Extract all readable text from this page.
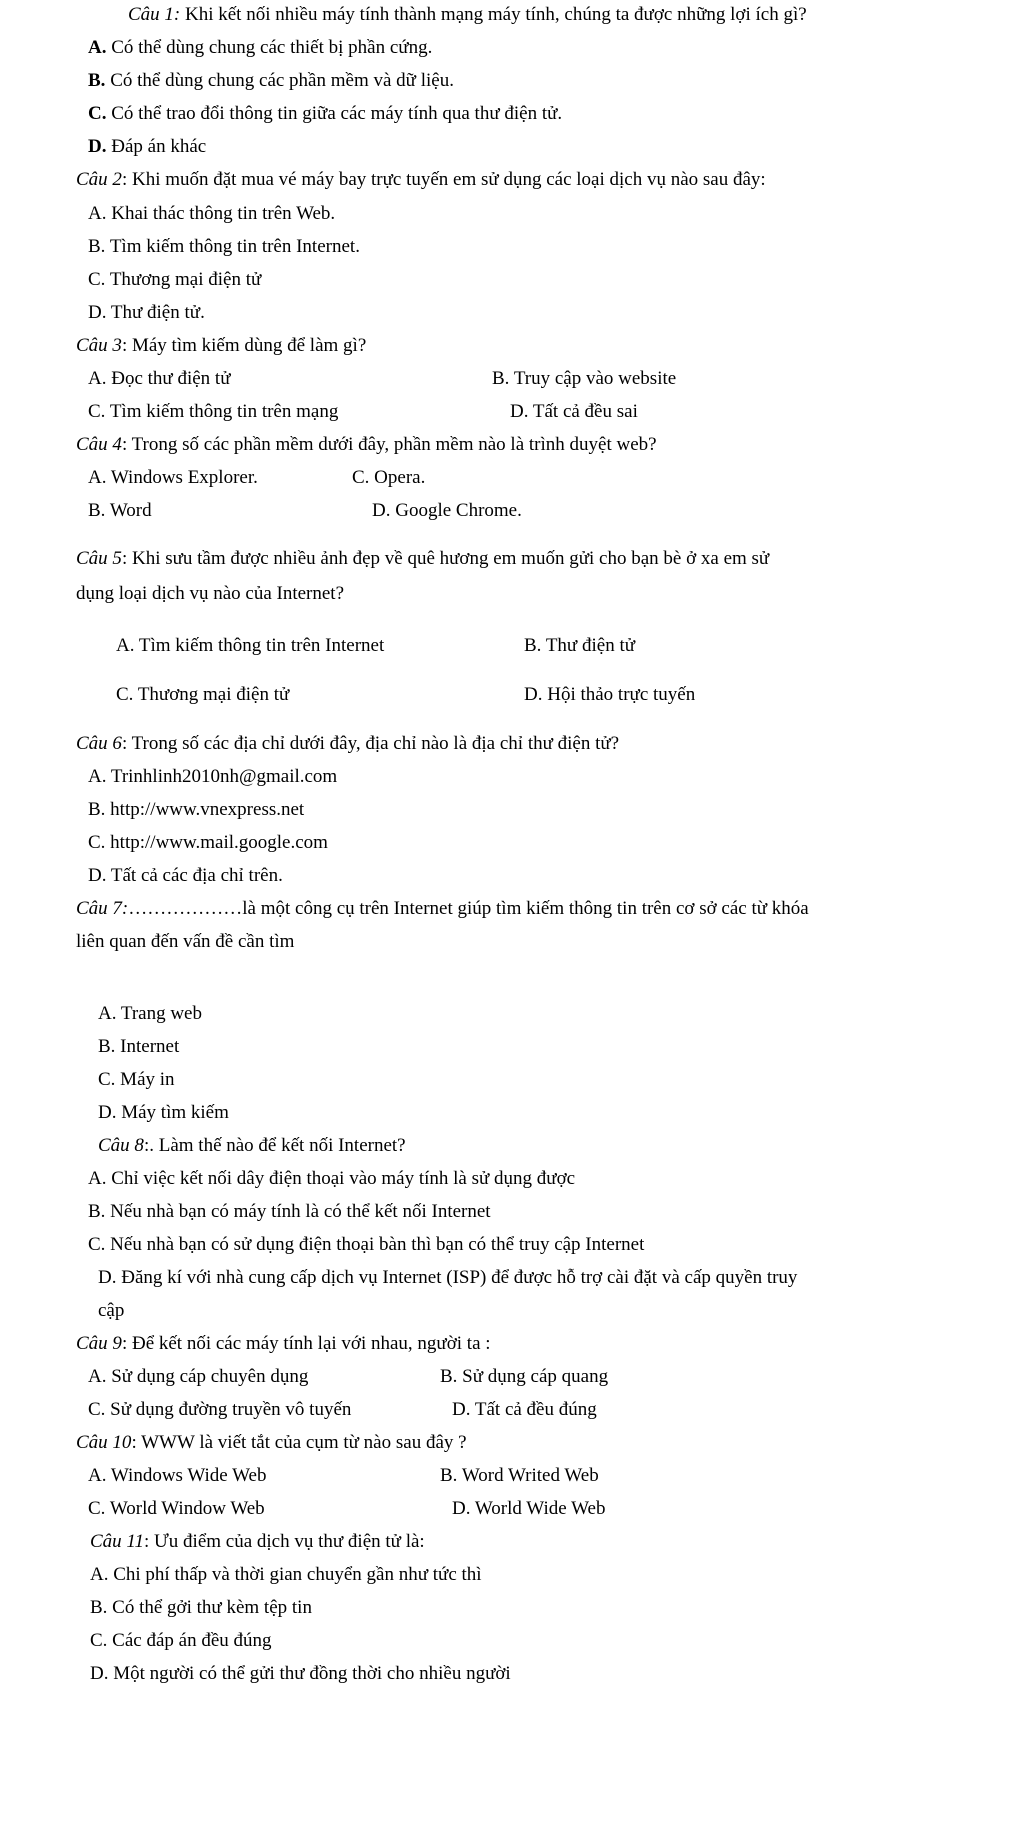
Câu 1: Khi kết nối nhiều máy tính thành mạng máy tính, chúng ta được những lợi ích gì?
A. Có thể dùng chung các thiết bị phần cứng.
B. Có thể dùng chung các phần mềm và dữ liệu.
C. Có thể trao đổi thông tin giữa các máy tính qua thư điện tử.
D. Đáp án khác
Câu 2: Khi muốn đặt mua vé máy bay trực tuyến em sử dụng các loại dịch vụ nào sau đây:
A. Khai thác thông tin trên Web.
B. Tìm kiếm thông tin trên Internet.
C. Thương mại điện tử
D. Thư điện tử.
Câu 3: Máy tìm kiếm dùng để làm gì?
A. Đọc thư điện tử	B. Truy cập vào website
C. Tìm kiếm thông tin trên mạng	D. Tất cả đều sai
Câu 4: Trong số các phần mềm dưới đây, phần mềm nào là trình duyệt web?
A. Windows Explorer.	C. Opera.
B. Word	D. Google Chrome.
Câu 5: Khi sưu tầm được nhiều ảnh đẹp về quê hương em muốn gửi cho bạn bè ở xa em sử
dụng loại dịch vụ nào của Internet?
A. Tìm kiếm thông tin trên Internet	B. Thư điện tử
C. Thương mại điện tử	D. Hội thảo trực tuyến
Câu 6: Trong số các địa chỉ dưới đây, địa chỉ nào là địa chỉ thư điện tử?
A. Trinhlinh2010nh@gmail.com
B. http://www.vnexpress.net
C. http://www.mail.google.com
D. Tất cả các địa chỉ trên.
Câu 7:………………là một công cụ trên Internet giúp tìm kiếm thông tin trên cơ sở các từ khóa
liên quan đến vấn đề cần tìm
A. Trang web
B. Internet
C. Máy in
D. Máy tìm kiếm
Câu 8:. Làm thế nào để kết nối Internet?
A. Chỉ việc kết nối dây điện thoại vào máy tính là sử dụng được
B. Nếu nhà bạn có máy tính là có thể kết nối Internet
C. Nếu nhà bạn có sử dụng điện thoại bàn thì bạn có thể truy cập Internet
D. Đăng kí với nhà cung cấp dịch vụ Internet (ISP) để được hỗ trợ cài đặt và cấp quyền truy
cập
Câu 9: Để kết nối các máy tính lại với nhau, người ta :
A. Sử dụng cáp chuyên dụng	B. Sử dụng cáp quang
C. Sử dụng đường truyền vô tuyến	D. Tất cả đều đúng
Câu 10: WWW là viết tắt của cụm từ nào sau đây ?
A. Windows Wide Web	B. Word Writed Web
C. World Window Web	D. World Wide Web
Câu 11: Ưu điểm của dịch vụ thư điện tử là:
A. Chi phí thấp và thời gian chuyển gần như tức thì
B. Có thể gởi thư kèm tệp tin
C. Các đáp án đều đúng
D. Một người có thể gửi thư đồng thời cho nhiều người
